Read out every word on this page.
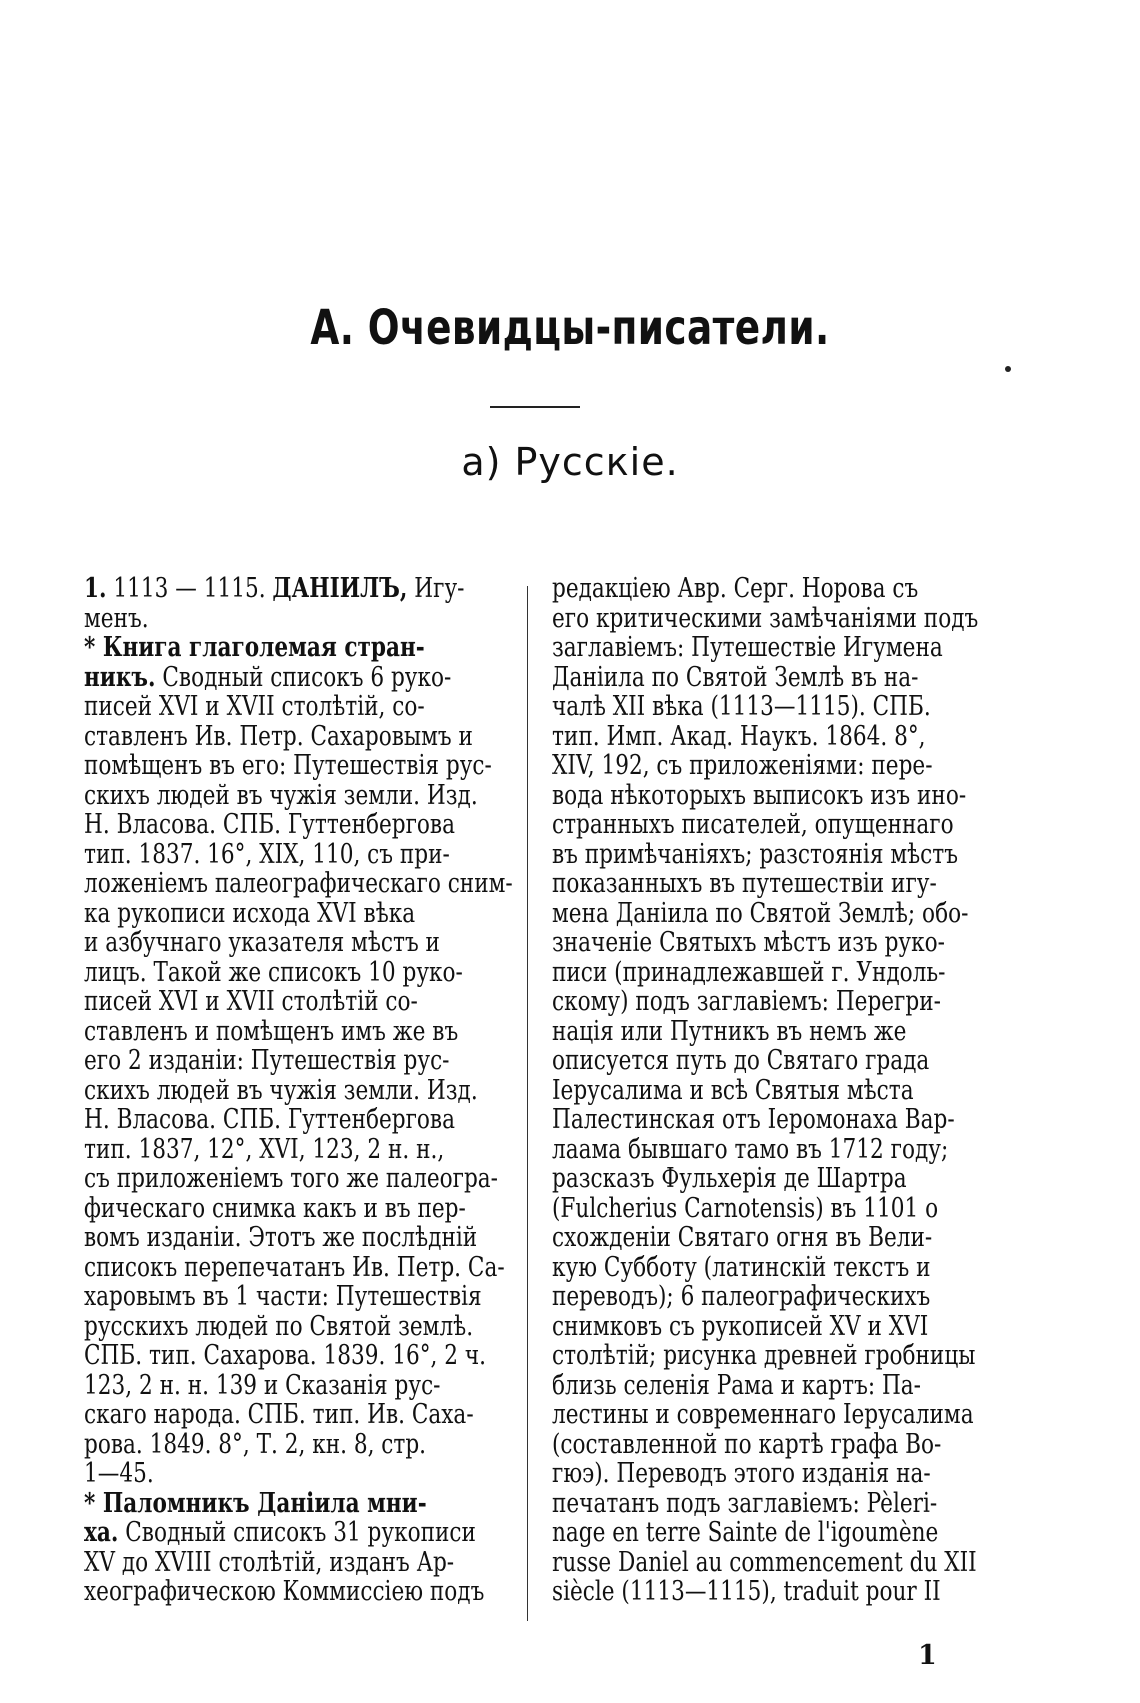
А. Очевидцы-писатели.
а) Русскіе.
1. 1113 — 1115. ДАНІИЛЪ, Игу-
менъ.
* Книга глаголемая стран-
никъ. Сводный списокъ 6 руко-
писей XVI и XVII столѣтій, со-
ставленъ Ив. Петр. Сахаровымъ и
помѣщенъ въ его: Путешествія рус-
скихъ людей въ чужія земли. Изд.
Н. Власова. СПБ. Гуттенбергова
тип. 1837. 16°, XIX, 110, съ при-
ложеніемъ палеографическаго сним-
ка рукописи исхода XVI вѣка
и азбучнаго указателя мѣстъ и
лицъ. Такой же списокъ 10 руко-
писей XVI и XVII столѣтій со-
ставленъ и помѣщенъ имъ же въ
его 2 изданіи: Путешествія рус-
скихъ людей въ чужія земли. Изд.
Н. Власова. СПБ. Гуттенбергова
тип. 1837, 12°, XVI, 123, 2 н. н.,
съ приложеніемъ того же палеогра-
фическаго снимка какъ и въ пер-
вомъ изданіи. Этотъ же послѣдній
списокъ перепечатанъ Ив. Петр. Са-
харовымъ въ 1 части: Путешествія
русскихъ людей по Святой землѣ.
СПБ. тип. Сахарова. 1839. 16°, 2 ч.
123, 2 н. н. 139 и Сказанія рус-
скаго народа. СПБ. тип. Ив. Саха-
рова. 1849. 8°, Т. 2, кн. 8, стр.
1—45.
* Паломникъ Даніила мни-
ха. Сводный списокъ 31 рукописи
XV до XVIII столѣтій, изданъ Ар-
хеографическою Коммиссіею подъ
редакціею Авр. Серг. Норова съ
его критическими замѣчаніями подъ
заглавіемъ: Путешествіе Игумена
Даніила по Святой Землѣ въ на-
чалѣ XII вѣка (1113—1115). СПБ.
тип. Имп. Акад. Наукъ. 1864. 8°,
XIV, 192, съ приложеніями: пере-
вода нѣкоторыхъ выписокъ изъ ино-
странныхъ писателей, опущеннаго
въ примѣчаніяхъ; разстоянія мѣстъ
показанныхъ въ путешествіи игу-
мена Даніила по Святой Землѣ; обо-
значеніе Святыхъ мѣстъ изъ руко-
писи (принадлежавшей г. Ундоль-
скому) подъ заглавіемъ: Перегри-
нація или Путникъ въ немъ же
описуется путь до Святаго града
Іерусалима и всѣ Святыя мѣста
Палестинская отъ Іеромонаха Вар-
лаама бывшаго тамо въ 1712 году;
разсказъ Фульхерія де Шартра
(Fulcherius Carnotensis) въ 1101 о
схожденіи Святаго огня въ Вели-
кую Субботу (латинскій текстъ и
переводъ); 6 палеографическихъ
снимковъ съ рукописей XV и XVI
столѣтій; рисунка древней гробницы
близь селенія Рама и картъ: Па-
лестины и современнаго Іерусалима
(составленной по картѣ графа Во-
гюэ). Переводъ этого изданія на-
печатанъ подъ заглавіемъ: Pèleri-
nage en terre Sainte de l'igoumène
russe Daniel au commencement du XII
siècle (1113—1115), traduit pour II
1
